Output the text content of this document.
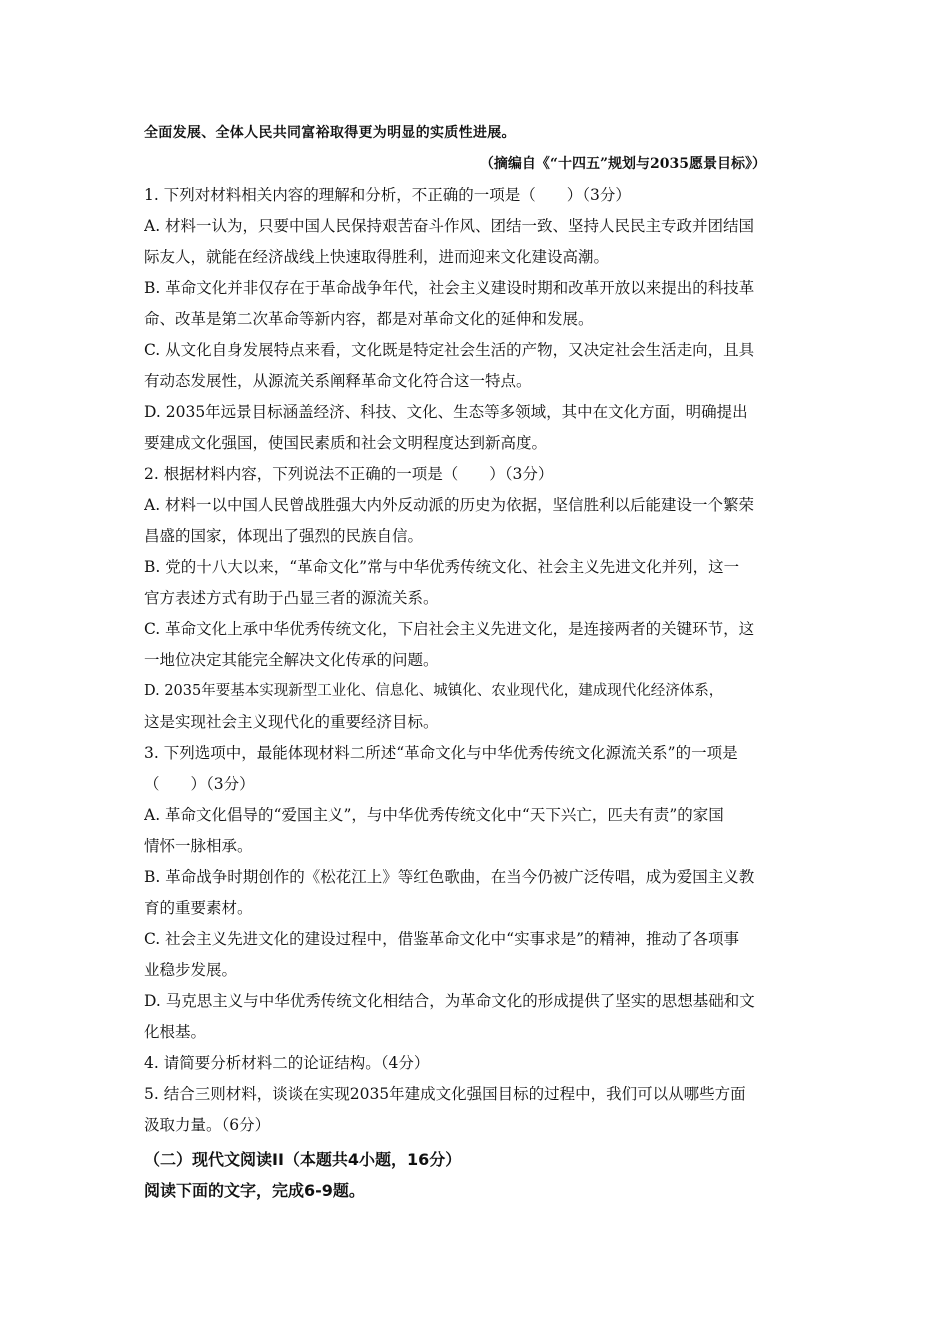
全面发展、全体人民共同富裕取得更为明显的实质性进展。
（摘编自《“十四五”规划与2035愿景目标》）
1. 下列对材料相关内容的理解和分析，不正确的一项是（　　）（3分）
A. 材料一认为，只要中国人民保持艰苦奋斗作风、团结一致、坚持人民民主专政并团结国
际友人，就能在经济战线上快速取得胜利，进而迎来文化建设高潮。
B. 革命文化并非仅存在于革命战争年代，社会主义建设时期和改革开放以来提出的科技革
命、改革是第二次革命等新内容，都是对革命文化的延伸和发展。
C. 从文化自身发展特点来看，文化既是特定社会生活的产物，又决定社会生活走向，且具
有动态发展性，从源流关系阐释革命文化符合这一特点。
D. 2035年远景目标涵盖经济、科技、文化、生态等多领域，其中在文化方面，明确提出
要建成文化强国，使国民素质和社会文明程度达到新高度。
2. 根据材料内容，下列说法不正确的一项是（　　）（3分）
A. 材料一以中国人民曾战胜强大内外反动派的历史为依据，坚信胜利以后能建设一个繁荣
昌盛的国家，体现出了强烈的民族自信。
B. 党的十八大以来，“革命文化”常与中华优秀传统文化、社会主义先进文化并列，这一
官方表述方式有助于凸显三者的源流关系。
C. 革命文化上承中华优秀传统文化，下启社会主义先进文化，是连接两者的关键环节，这
一地位决定其能完全解决文化传承的问题。
D. 2035年要基本实现新型工业化、信息化、城镇化、农业现代化，建成现代化经济体系，
这是实现社会主义现代化的重要经济目标。
3. 下列选项中，最能体现材料二所述“革命文化与中华优秀传统文化源流关系”的一项是
（　　）（3分）
A. 革命文化倡导的“爱国主义”，与中华优秀传统文化中“天下兴亡，匹夫有责”的家国
情怀一脉相承。
B. 革命战争时期创作的《松花江上》等红色歌曲，在当今仍被广泛传唱，成为爱国主义教
育的重要素材。
C. 社会主义先进文化的建设过程中，借鉴革命文化中“实事求是”的精神，推动了各项事
业稳步发展。
D. 马克思主义与中华优秀传统文化相结合，为革命文化的形成提供了坚实的思想基础和文
化根基。
4. 请简要分析材料二的论证结构。（4分）
5. 结合三则材料，谈谈在实现2035年建成文化强国目标的过程中，我们可以从哪些方面
汲取力量。（6分）
（二）现代文阅读II（本题共4小题，16分）
阅读下面的文字，完成6-9题。
